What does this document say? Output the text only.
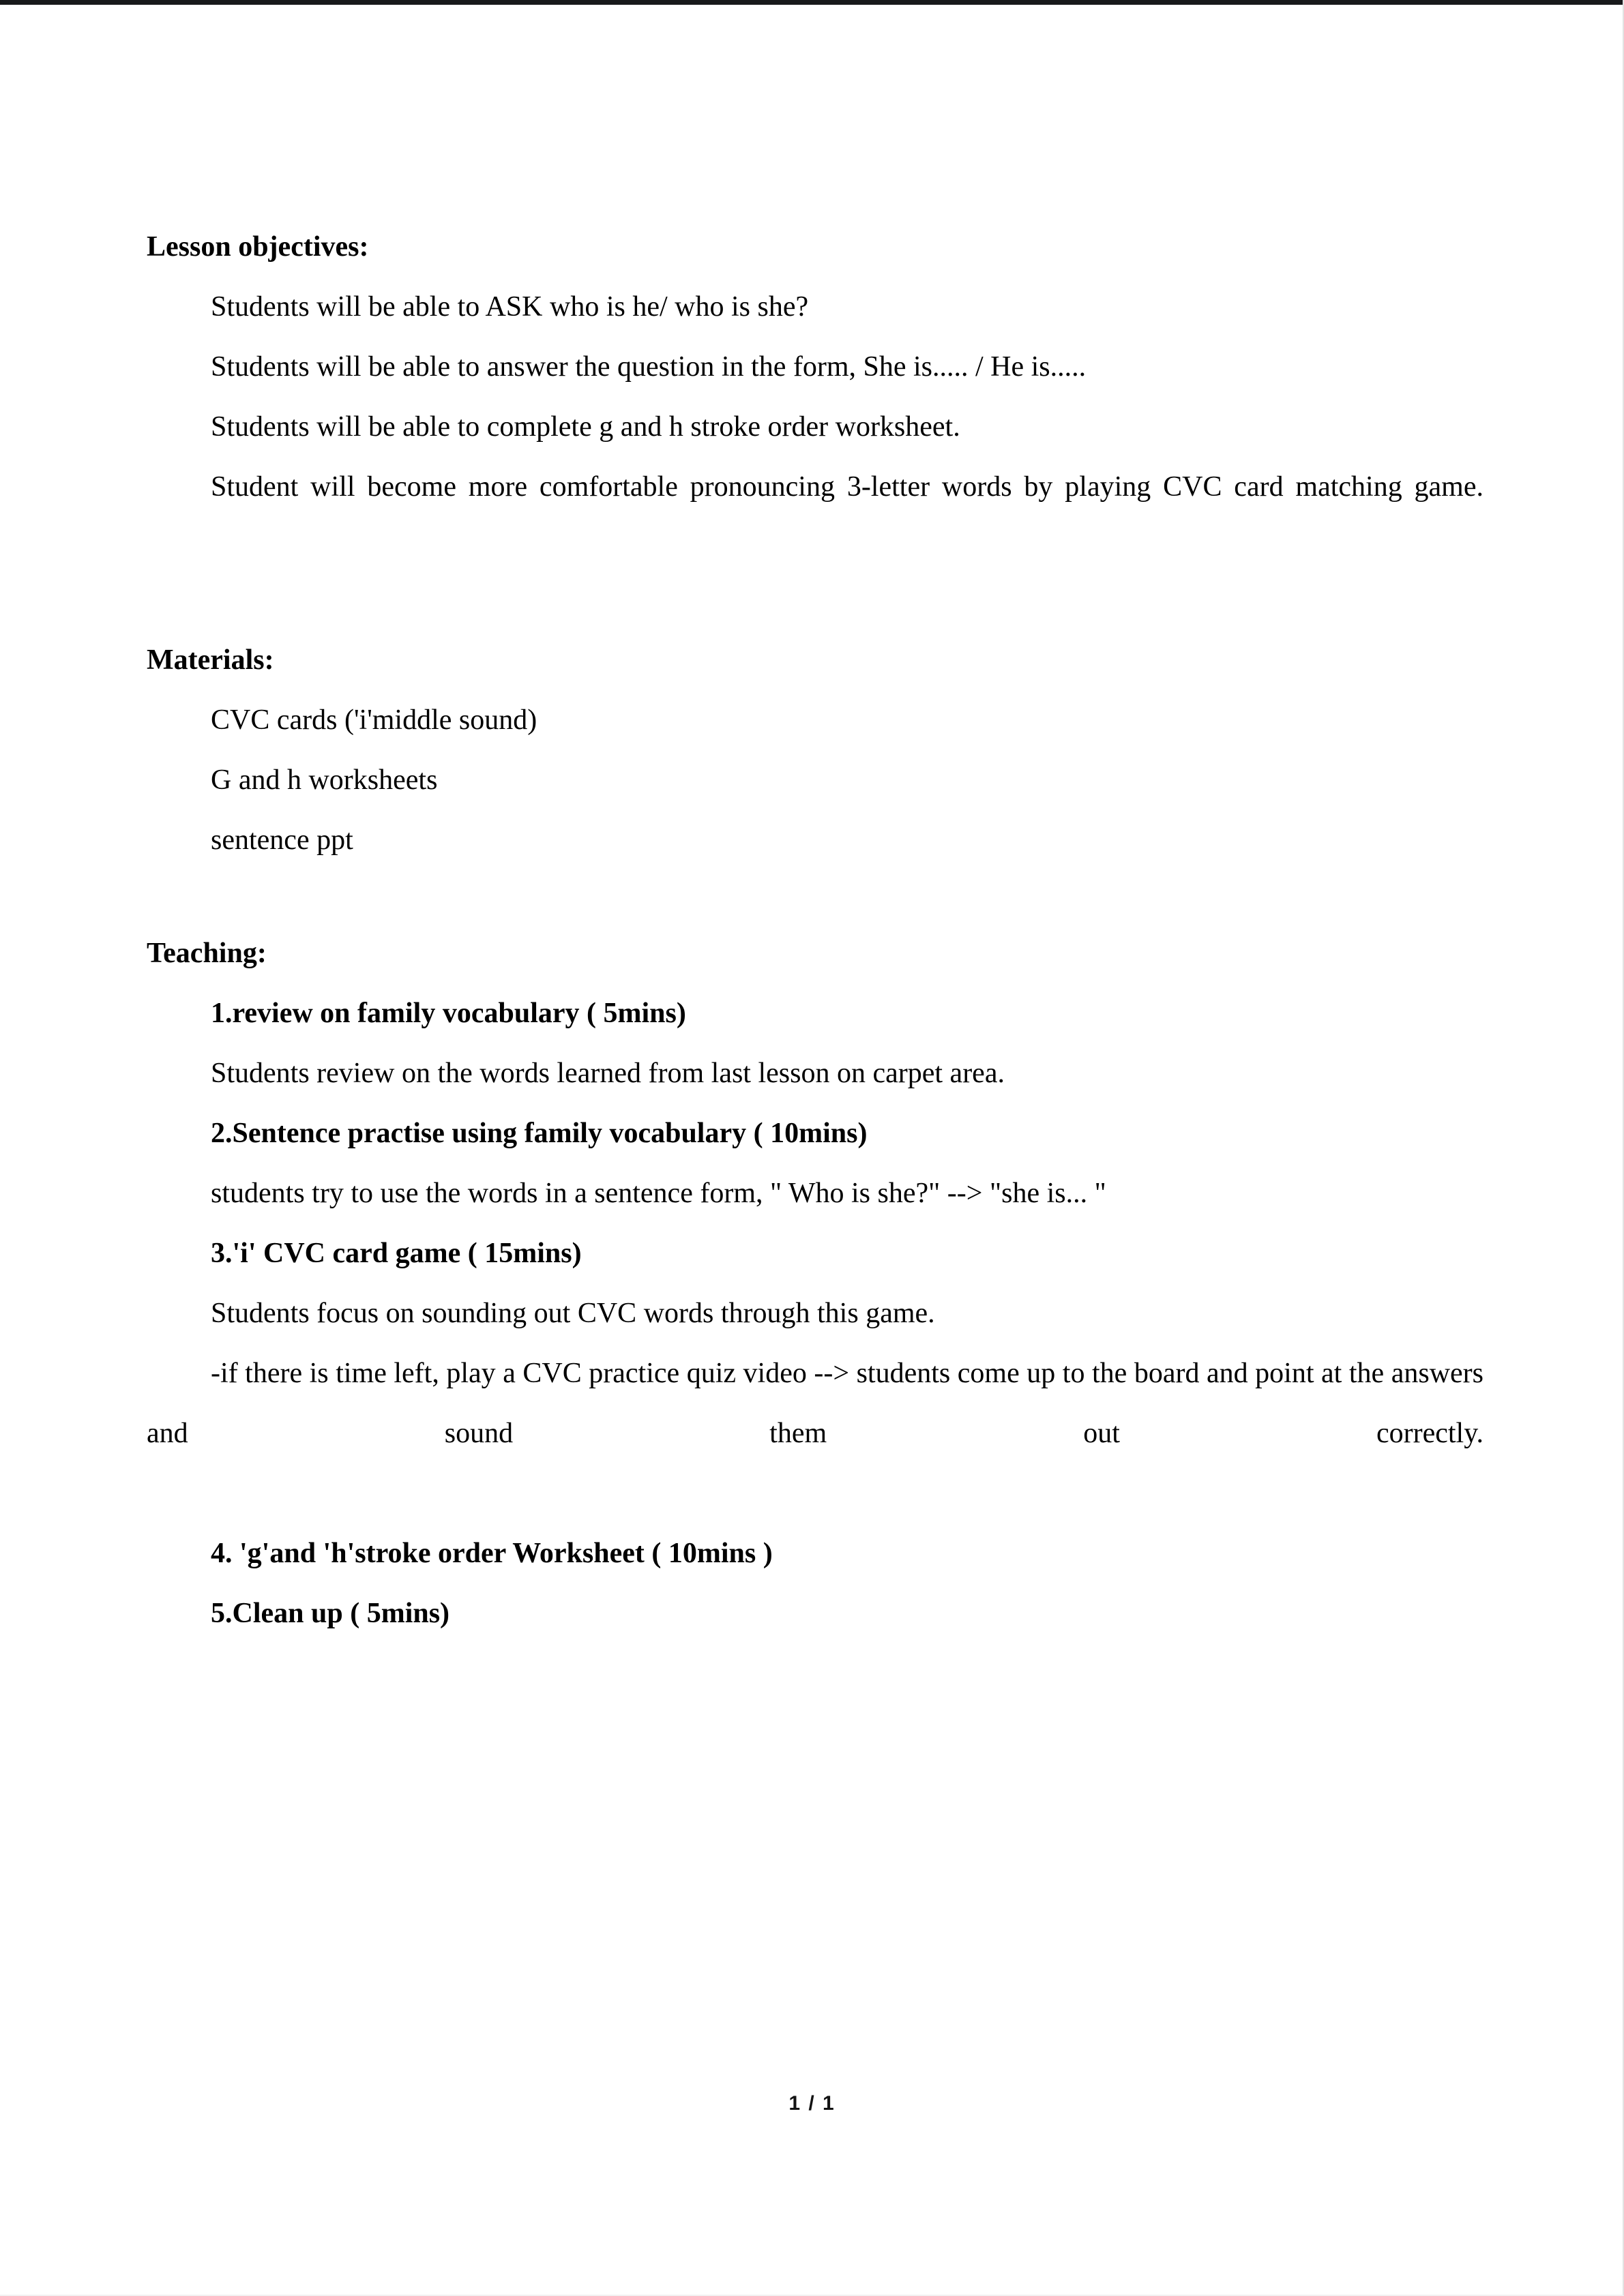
Lesson objectives:

Students will be able to ASK who is he/ who is she?

Students will be able to answer the question in the form, She is..... / He is.....

Students will be able to complete g and h stroke order worksheet.

Student will become more comfortable pronouncing 3-letter words by playing CVC card matching game.

Materials:

CVC cards ('i'middle sound)

G and h worksheets

sentence ppt

Teaching:

1.review on family vocabulary ( 5mins)

Students review on the words learned from last lesson on carpet area.

2.Sentence practise using family vocabulary ( 10mins)

students try to use the words in a sentence form, " Who is she?" --> "she is... "

3.'i' CVC card game ( 15mins)

Students focus on sounding out CVC words through this game.

-if there is time left, play a CVC practice quiz video --> students come up to the board and point at the answers and sound them out correctly.

4. 'g'and 'h'stroke order Worksheet ( 10mins )

5.Clean up ( 5mins)

1 / 1
